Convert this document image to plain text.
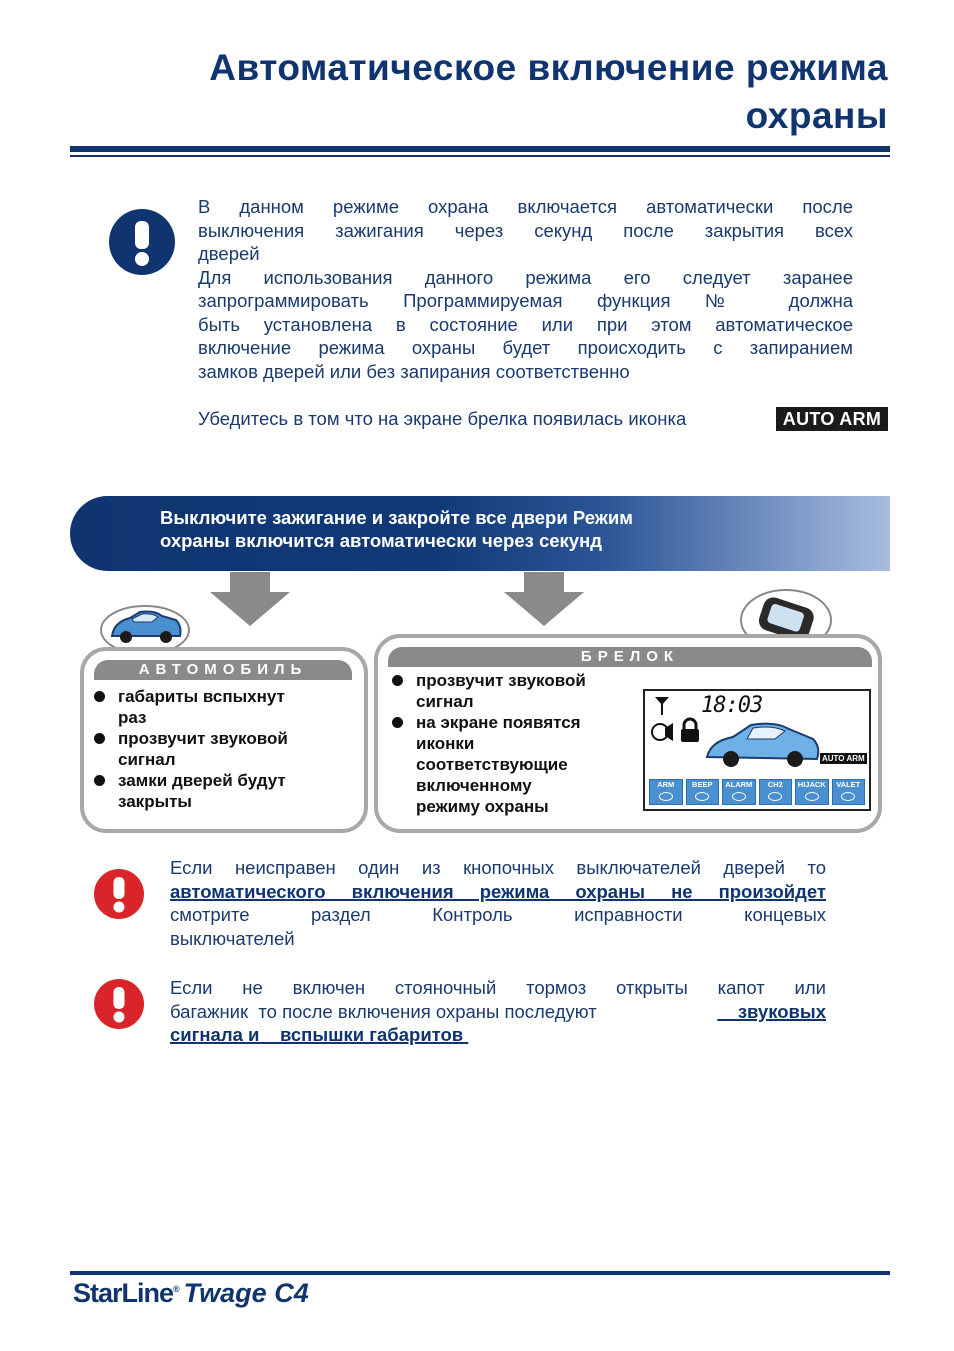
Автоматическое включение режима
охраны
В данном режиме охрана включается автоматически после
выключения зажигания через секунд после закрытия всех
дверей
Для использования данного режима его следует заранее
запрограммировать Программируемая функция № должна
быть установлена в состояние или при этом автоматическое
включение режима охраны будет происходить с запиранием
замков дверей или без запирания соответственно
Убедитесь в том что на экране брелка появилась иконка	AUTO ARM
Выключите зажигание и закройте все двери Режим
охраны включится автоматически через секунд
АВТОМОБИЛЬ
габариты вспыхнут
раз
прозвучит звуковой
сигнал
замки дверей будут
закрыты
БРЕЛОК
прозвучит звуковой
сигнал
на экране появятся
иконки
соответствующие
включенному
режиму охраны
18:03
AUTO ARM
ARM	BEEP	ALARM	CH2	HIJACK	VALET
Если неисправен один из кнопочных выключателей дверей то
автоматического включения режима охраны не произойдет
смотрите раздел Контроль исправности концевых
выключателей
Если не включен стояночный тормоз открыты капот или
багажник  то после включения охраны последуют	звуковых
сигнала и    вспышки габаритов
StarLine® Twage C4
